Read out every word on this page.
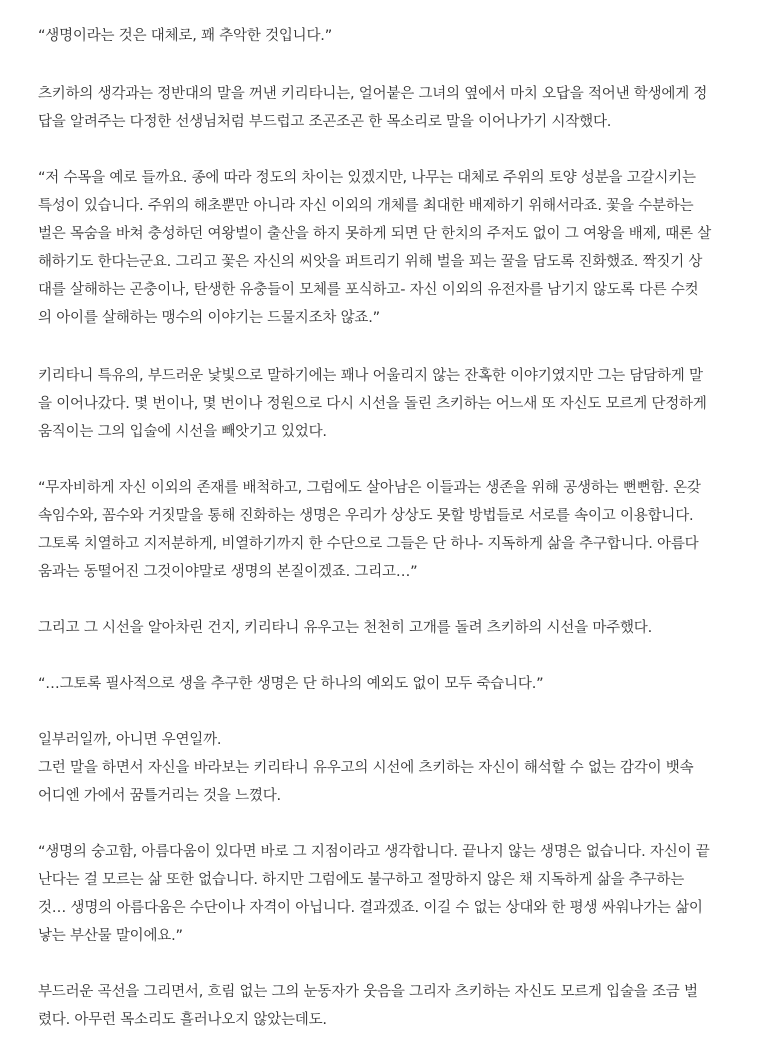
“생명이라는 것은 대체로, 꽤 추악한 것입니다.”
츠키하의 생각과는 정반대의 말을 꺼낸 키리타니는, 얼어붙은 그녀의 옆에서 마치 오답을 적어낸 학생에게 정
답을 알려주는 다정한 선생님처럼 부드럽고 조곤조곤 한 목소리로 말을 이어나가기 시작했다.
“저 수목을 예로 들까요. 종에 따라 정도의 차이는 있겠지만, 나무는 대체로 주위의 토양 성분을 고갈시키는
특성이 있습니다. 주위의 해초뿐만 아니라 자신 이외의 개체를 최대한 배제하기 위해서라죠. 꽃을 수분하는
벌은 목숨을 바쳐 충성하던 여왕벌이 출산을 하지 못하게 되면 단 한치의 주저도 없이 그 여왕을 배제, 때론 살
해하기도 한다는군요. 그리고 꽃은 자신의 씨앗을 퍼트리기 위해 벌을 꾀는 꿀을 담도록 진화했죠. 짝짓기 상
대를 살해하는 곤충이나, 탄생한 유충들이 모체를 포식하고- 자신 이외의 유전자를 남기지 않도록 다른 수컷
의 아이를 살해하는 맹수의 이야기는 드물지조차 않죠.”
키리타니 특유의, 부드러운 낯빛으로 말하기에는 꽤나 어울리지 않는 잔혹한 이야기였지만 그는 담담하게 말
을 이어나갔다. 몇 번이나, 몇 번이나 정원으로 다시 시선을 돌린 츠키하는 어느새 또 자신도 모르게 단정하게
움직이는 그의 입술에 시선을 빼앗기고 있었다.
“무자비하게 자신 이외의 존재를 배척하고, 그럼에도 살아남은 이들과는 생존을 위해 공생하는 뻔뻔함. 온갖
속임수와, 꼼수와 거짓말을 통해 진화하는 생명은 우리가 상상도 못할 방법들로 서로를 속이고 이용합니다.
그토록 치열하고 지저분하게, 비열하기까지 한 수단으로 그들은 단 하나- 지독하게 삶을 추구합니다. 아름다
움과는 동떨어진 그것이야말로 생명의 본질이겠죠. 그리고…”
그리고 그 시선을 알아차린 건지, 키리타니 유우고는 천천히 고개를 돌려 츠키하의 시선을 마주했다.
“…그토록 필사적으로 생을 추구한 생명은 단 하나의 예외도 없이 모두 죽습니다.”
일부러일까, 아니면 우연일까.
그런 말을 하면서 자신을 바라보는 키리타니 유우고의 시선에 츠키하는 자신이 해석할 수 없는 감각이 뱃속
어디엔 가에서 꿈틀거리는 것을 느꼈다.
“생명의 숭고함, 아름다움이 있다면 바로 그 지점이라고 생각합니다. 끝나지 않는 생명은 없습니다. 자신이 끝
난다는 걸 모르는 삶 또한 없습니다. 하지만 그럼에도 불구하고 절망하지 않은 채 지독하게 삶을 추구하는
것… 생명의 아름다움은 수단이나 자격이 아닙니다. 결과겠죠. 이길 수 없는 상대와 한 평생 싸워나가는 삶이
낳는 부산물 말이에요.”
부드러운 곡선을 그리면서, 흐림 없는 그의 눈동자가 웃음을 그리자 츠키하는 자신도 모르게 입술을 조금 벌
렸다. 아무런 목소리도 흘러나오지 않았는데도.
